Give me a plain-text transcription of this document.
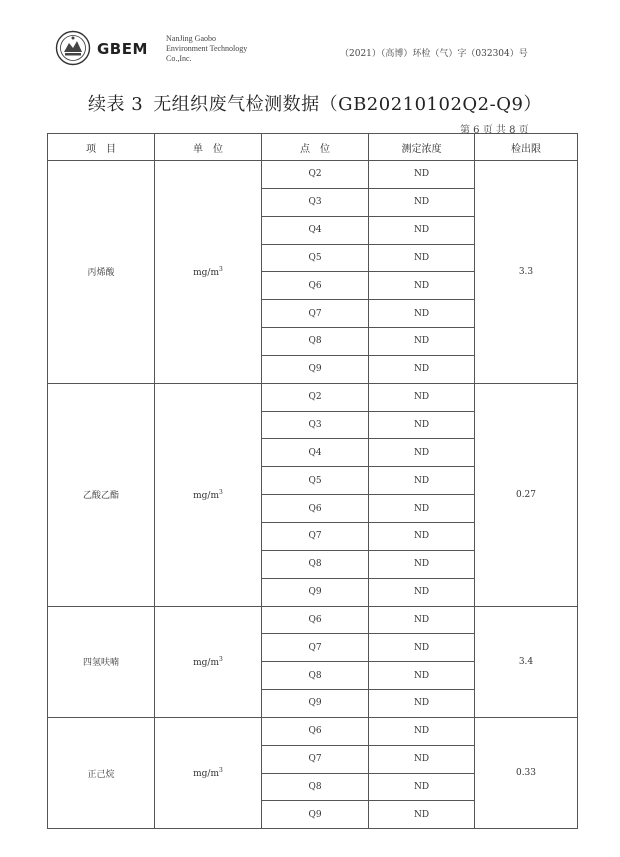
GBEM
NanJing Gaobo
Environment Technology
Co.,Inc.	（2021）（高博）环检（气）字（032304）号
续表 3 无组织废气检测数据（GB20210102Q2-Q9）
第 6 页 共 8 页
项　目	单　位	点　位	测定浓度	检出限
丙烯酸	$mg/m^3$	Q2	ND	3.3
		Q3	ND	
		Q4	ND	
		Q5	ND	
		Q6	ND	
		Q7	ND	
		Q8	ND	
		Q9	ND	
乙酸乙酯	$mg/m^3$	Q2	ND	0.27
		Q3	ND	
		Q4	ND	
		Q5	ND	
		Q6	ND	
		Q7	ND	
		Q8	ND	
		Q9	ND	
四氢呋喃	$mg/m^3$	Q6	ND	3.4
		Q7	ND	
		Q8	ND	
		Q9	ND	
正己烷	$mg/m^3$	Q6	ND	0.33
		Q7	ND	
		Q8	ND	
		Q9	ND	
